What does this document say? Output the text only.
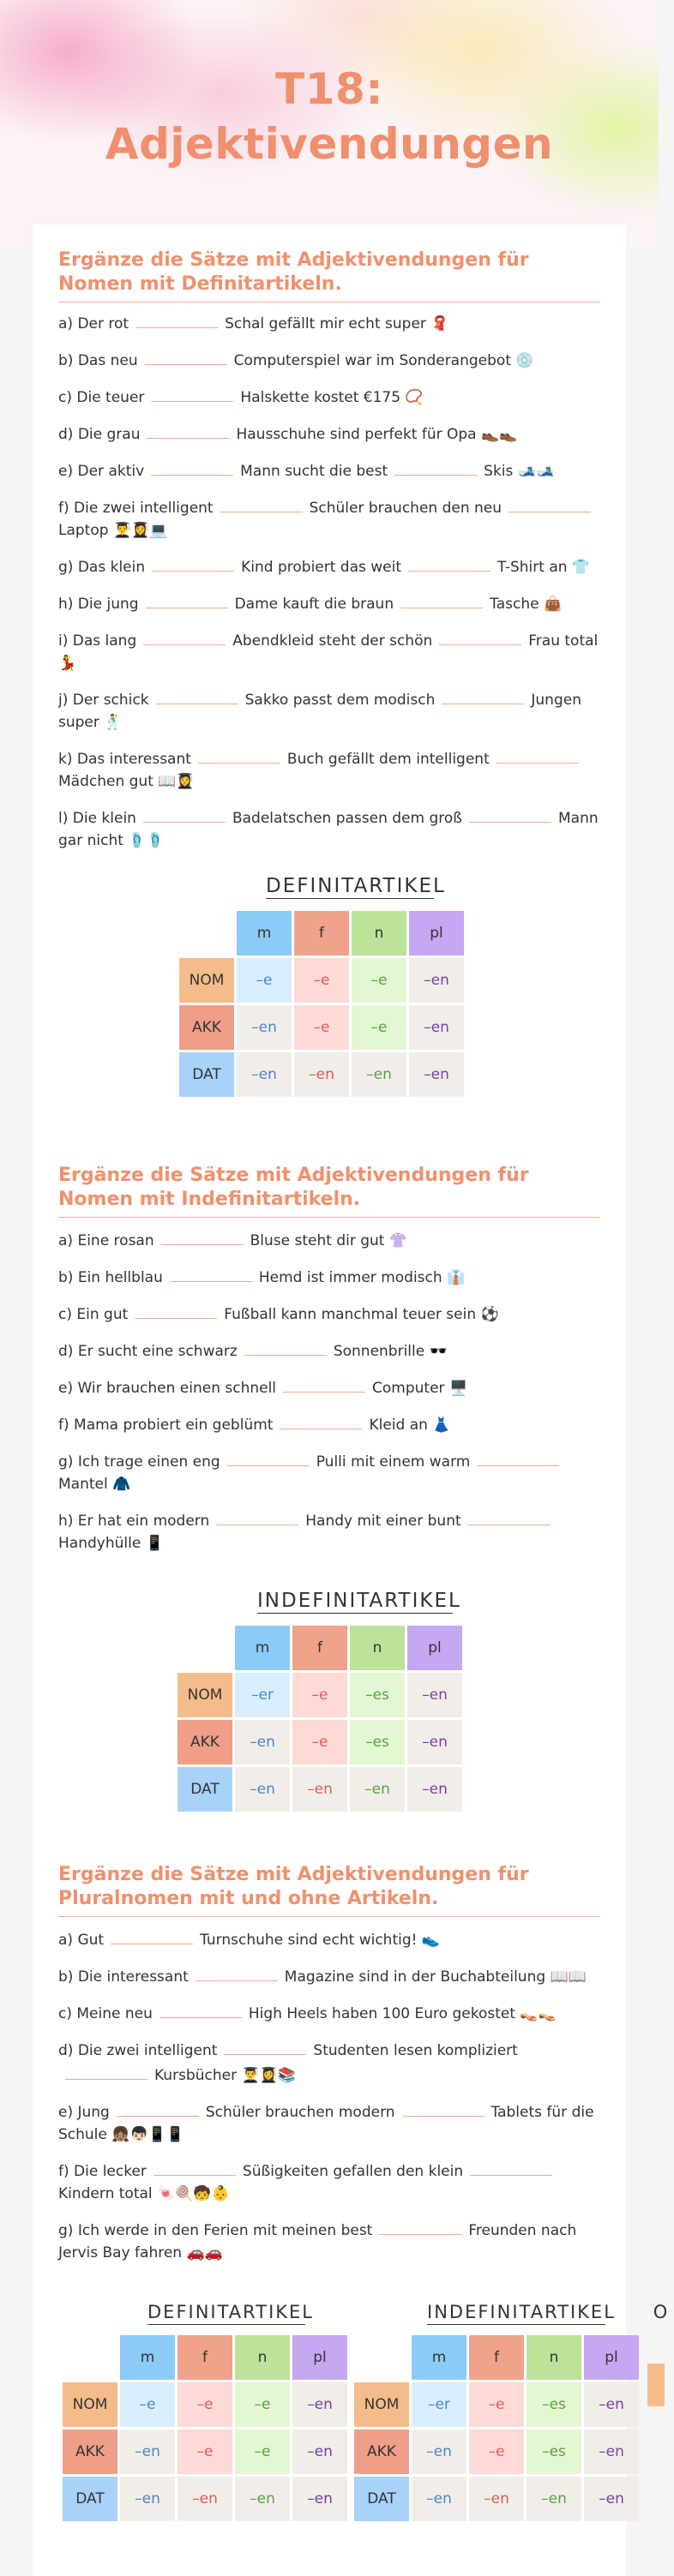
T18:
Adjektivendungen
Ergänze die Sätze mit Adjektivendungen für Nomen mit Definitartikeln.
a) Der rot	Schal gefällt mir echt super 🧣
b) Das neu	Computerspiel war im Sonderangebot 💿
c) Die teuer	Halskette kostet €175 📿
d) Die grau	Hausschuhe sind perfekt für Opa 👞👞
e) Der aktiv	Mann sucht die best	Skis 🎿🎿
f) Die zwei intelligent	Schüler brauchen den neuLaptop 👨‍🎓👩‍🎓💻
g) Das klein	Kind probiert das weit	T-Shirt an 👕
h) Die jung	Dame kauft die braun	Tasche 👜
i) Das lang	Abendkleid steht der schön	Frau total 💃
j) Der schick	Sakko passt dem modisch	Jungen super 🕺
k) Das interessant	Buch gefällt dem intelligentMädchen gut 📖👩‍🎓
l) Die klein	Badelatschen passen dem groß	Mann gar nicht 🩴🩴
DEFINITARTIKEL
	m	f	n	pl
NOM	–e	–e	–e	–en
AKK	–en	–e	–e	–en
DAT	–en	–en	–en	–en
Ergänze die Sätze mit Adjektivendungen für Nomen mit Indefinitartikeln.
a) Eine rosan	Bluse steht dir gut 👚
b) Ein hellblau	Hemd ist immer modisch 👔
c) Ein gut	Fußball kann manchmal teuer sein ⚽
d) Er sucht eine schwarz	Sonnenbrille 🕶️
e) Wir brauchen einen schnell	Computer 🖥️
f) Mama probiert ein geblümt	Kleid an 👗
g) Ich trage einen eng	Pulli mit einem warmMantel 🧥
h) Er hat ein modern	Handy mit einer buntHandyhülle 📱
INDEFINITARTIKEL
	m	f	n	pl
NOM	–er	–e	–es	–en
AKK	–en	–e	–es	–en
DAT	–en	–en	–en	–en
Ergänze die Sätze mit Adjektivendungen für Pluralnomen mit und ohne Artikeln.
a) Gut	Turnschuhe sind echt wichtig! 👟
b) Die interessant	Magazine sind in der Buchabteilung 📖📖
c) Meine neu	High Heels haben 100 Euro gekostet 👡👡
d) Die zwei intelligent	Studenten lesen kompliziertKursbücher 👨‍🎓👩‍🎓📚
e) Jung	Schüler brauchen modern	Tablets für die Schule 👧🏽👦🏻📱📱
f) Die lecker	Süßigkeiten gefallen den kleinKindern total 🍬🍭🧒👶
g) Ich werde in den Ferien mit meinen best	Freunden nach Jervis Bay fahren 🚗🚗
DEFINITARTIKEL
	m	f	n	pl
NOM	–e	–e	–e	–en
AKK	–en	–e	–e	–en
DAT	–en	–en	–en	–en
INDEFINITARTIKEL
	m	f	n	pl
NOM	–er	–e	–es	–en
AKK	–en	–e	–es	–en
DAT	–en	–en	–en	–en
O
